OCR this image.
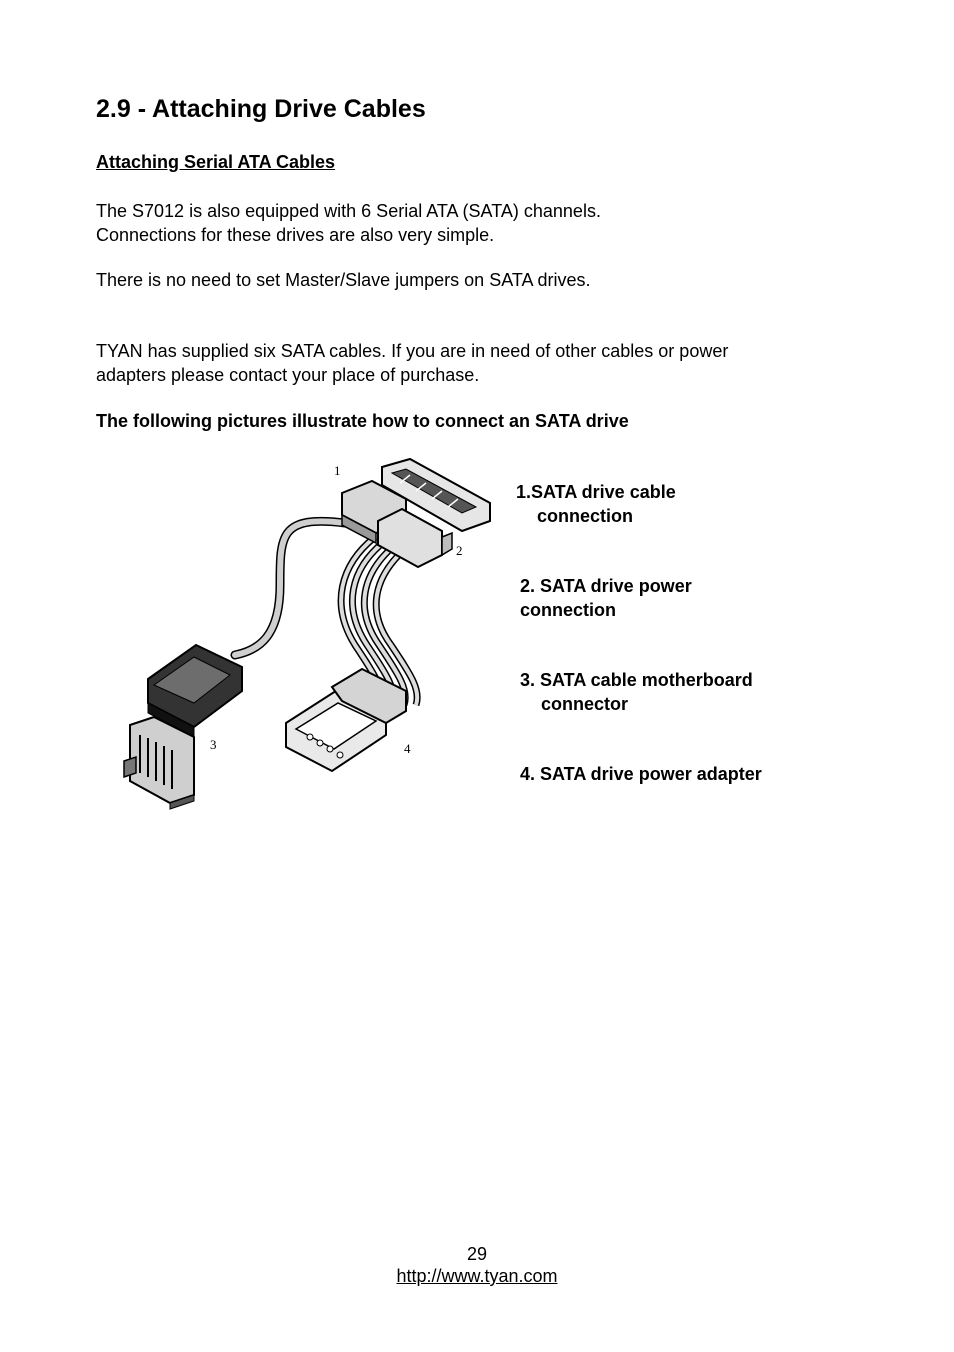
2.9 - Attaching Drive Cables
Attaching Serial ATA Cables
The S7012 is also equipped with 6 Serial ATA (SATA) channels.
Connections for these drives are also very simple.
There is no need to set Master/Slave jumpers on SATA drives.
TYAN has supplied six SATA cables. If you are in need of other cables or power
adapters please contact your place of purchase.
The following pictures illustrate how to connect an SATA drive
1
2
3	4
1.SATA drive cable
connection
2. SATA drive power
connection
3. SATA cable motherboard
connector
4. SATA drive power adapter
29
http://www.tyan.com
